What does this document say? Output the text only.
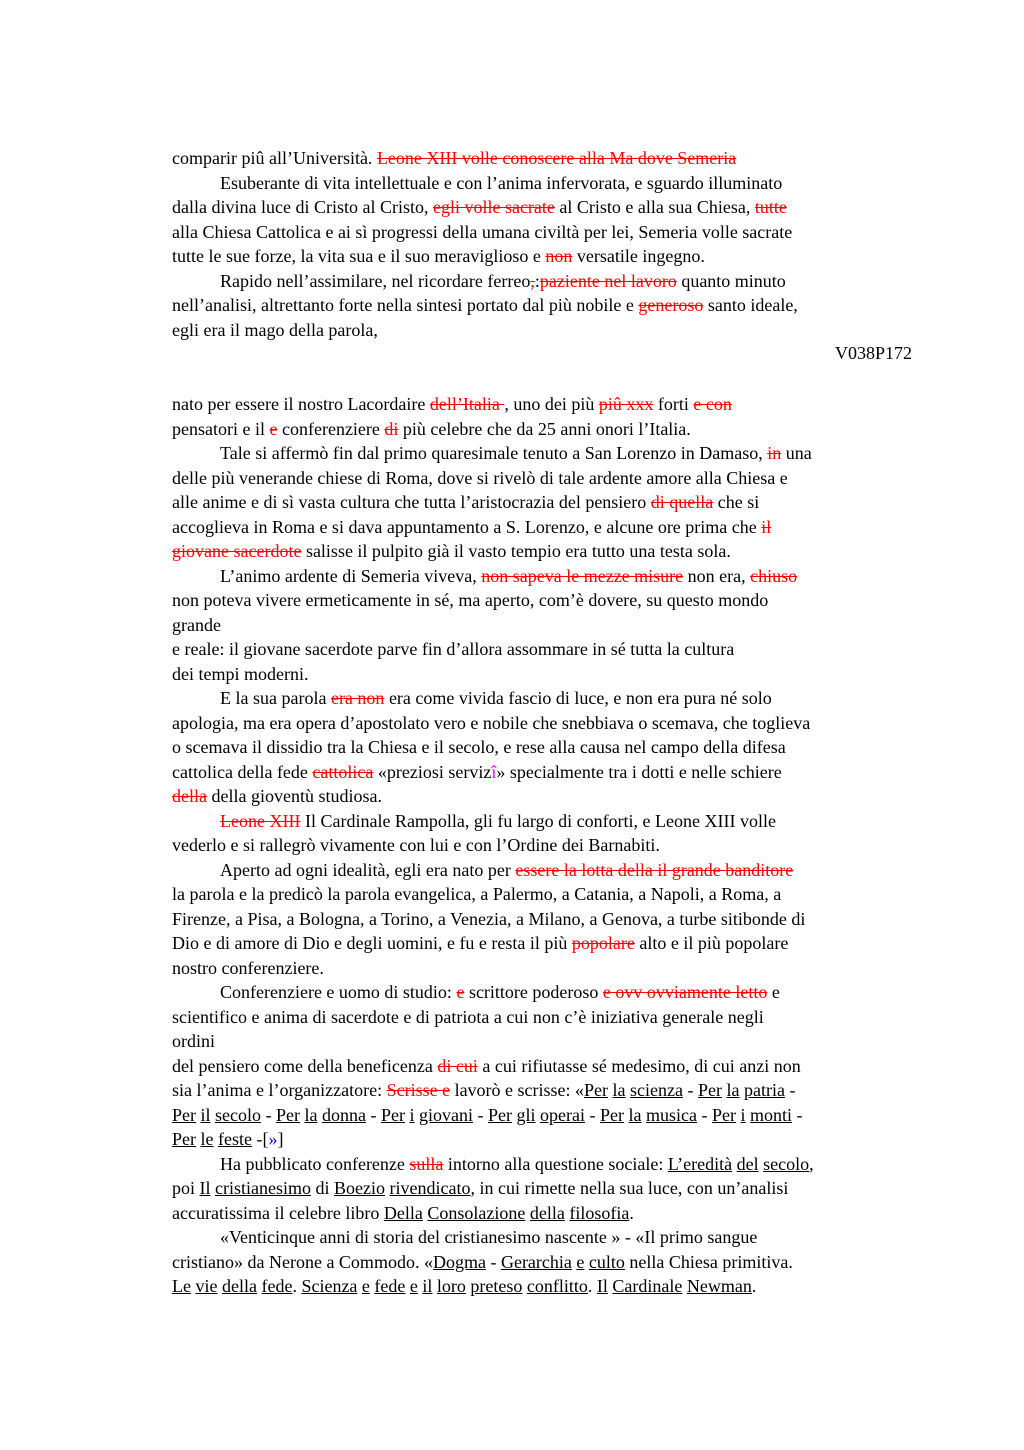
comparir piû all’Università. Leone XIII volle conoscere alla Ma dove Semeria
Esuberante di vita intellettuale e con l’anima infervorata, e sguardo illuminato
dalla divina luce di Cristo al Cristo, egli volle sacrate al Cristo e alla sua Chiesa, tutte
alla Chiesa Cattolica e ai sì progressi della umana civiltà per lei, Semeria volle sacrate
tutte le sue forze, la vita sua e il suo meraviglioso e non versatile ingegno.
Rapido nell’assimilare, nel ricordare ferreo,:paziente nel lavoro quanto minuto
nell’analisi, altrettanto forte nella sintesi portato dal più nobile e generoso santo ideale,
egli era il mago della parola,
V038P172
nato per essere il nostro Lacordaire dell’Italia , uno dei più piû xxx forti e con
pensatori e il e conferenziere di più celebre che da 25 anni onori l’Italia.
Tale si affermò fin dal primo quaresimale tenuto a San Lorenzo in Damaso, in una
delle più venerande chiese di Roma, dove si rivelò di tale ardente amore alla Chiesa e
alle anime e di sì vasta cultura che tutta l’aristocrazia del pensiero di quella che si
accoglieva in Roma e si dava appuntamento a S. Lorenzo, e alcune ore prima che il
giovane sacerdote salisse il pulpito già il vasto tempio era tutto una testa sola.
L’animo ardente di Semeria viveva, non sapeva le mezze misure non era, chiuso
non poteva vivere ermeticamente in sé, ma aperto, com’è dovere, su questo mondo
grande
e reale: il giovane sacerdote parve fin d’allora assommare in sé tutta la cultura
dei tempi moderni.
E la sua parola era non era come vivida fascio di luce, e non era pura né solo
apologia, ma era opera d’apostolato vero e nobile che snebbiava o scemava, che toglieva
o scemava il dissidio tra la Chiesa e il secolo, e rese alla causa nel campo della difesa
cattolica della fede cattolica «preziosi servizî» specialmente tra i dotti e nelle schiere
della della gioventù studiosa.
Leone XIII Il Cardinale Rampolla, gli fu largo di conforti, e Leone XIII volle
vederlo e si rallegrò vivamente con lui e con l’Ordine dei Barnabiti.
Aperto ad ogni idealità, egli era nato per essere la lotta della il grande banditore
la parola e la predicò la parola evangelica, a Palermo, a Catania, a Napoli, a Roma, a
Firenze, a Pisa, a Bologna, a Torino, a Venezia, a Milano, a Genova, a turbe sitibonde di
Dio e di amore di Dio e degli uomini, e fu e resta il più popolare alto e il più popolare
nostro conferenziere.
Conferenziere e uomo di studio: e scrittore poderoso e ovv ovviamente letto e
scientifico e anima di sacerdote e di patriota a cui non c’è iniziativa generale negli
ordini
del pensiero come della beneficenza di cui a cui rifiutasse sé medesimo, di cui anzi non
sia l’anima e l’organizzatore: Scrisse e lavorò e scrisse: «Per la scienza - Per la patria -
Per il secolo - Per la donna - Per i giovani - Per gli operai - Per la musica - Per i monti -
Per le feste -[»]
Ha pubblicato conferenze sulla intorno alla questione sociale: L’eredità del secolo,
poi Il cristianesimo di Boezio rivendicato, in cui rimette nella sua luce, con un’analisi
accuratissima il celebre libro Della Consolazione della filosofia.
«Venticinque anni di storia del cristianesimo nascente » - «Il primo sangue
cristiano» da Nerone a Commodo. «Dogma - Gerarchia e culto nella Chiesa primitiva.
Le vie della fede. Scienza e fede e il loro preteso conflitto. Il Cardinale Newman.
